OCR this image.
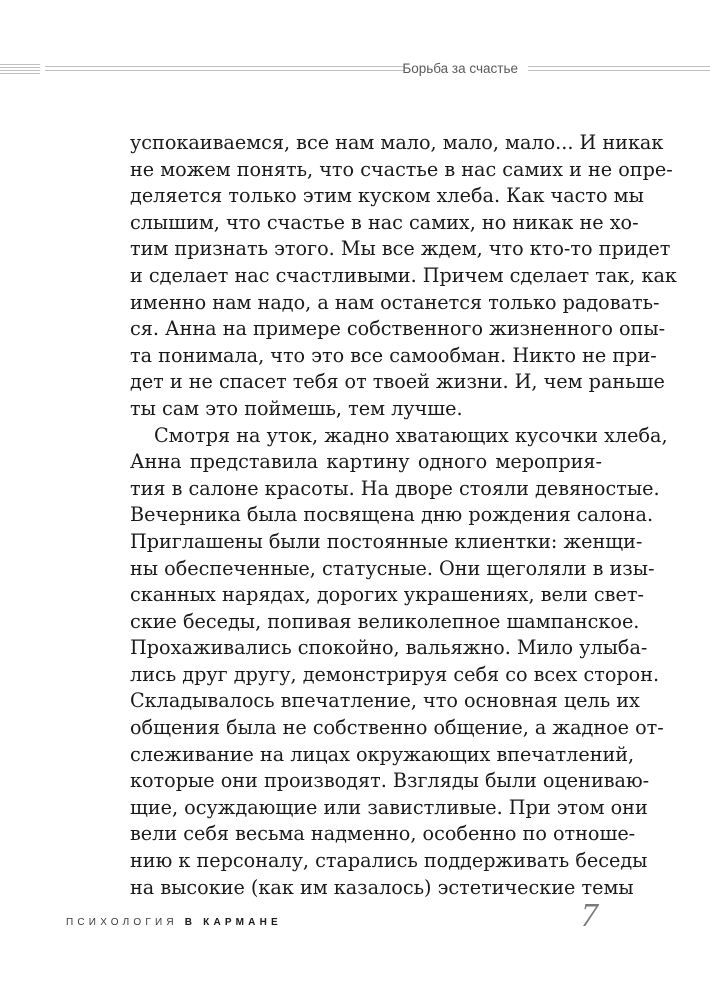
Борьба за счастье
успокаиваемся, все нам мало, мало, мало... И никак
не можем понять, что счастье в нас самих и не опре-
деляется только этим куском хлеба. Как часто мы
слышим, что счастье в нас самих, но никак не хо-
тим признать этого. Мы все ждем, что кто-то придет
и сделает нас счастливыми. Причем сделает так, как
именно нам надо, а нам останется только радовать-
ся. Анна на примере собственного жизненного опы-
та понимала, что это все самообман. Никто не при-
дет и не спасет тебя от твоей жизни. И, чем раньше
ты сам это поймешь, тем лучше.
Смотря на уток, жадно хватающих кусочки хлеба,
Анна представила картину одного мероприя-
тия в салоне красоты. На дворе стояли девяностые.
Вечерника была посвящена дню рождения салона.
Приглашены были постоянные клиентки: женщи-
ны обеспеченные, статусные. Они щеголяли в изы-
сканных нарядах, дорогих украшениях, вели свет-
ские беседы, попивая великолепное шампанское.
Прохаживались спокойно, вальяжно. Мило улыба-
лись друг другу, демонстрируя себя со всех сторон.
Складывалось впечатление, что основная цель их
общения была не собственно общение, а жадное от-
слеживание на лицах окружающих впечатлений,
которые они производят. Взгляды были оцениваю-
щие, осуждающие или завистливые. При этом они
вели себя весьма надменно, особенно по отноше-
нию к персоналу, старались поддерживать беседы
на высокие (как им казалось) эстетические темы
ПСИХОЛОГИЯ В КАРМАНЕ	7
